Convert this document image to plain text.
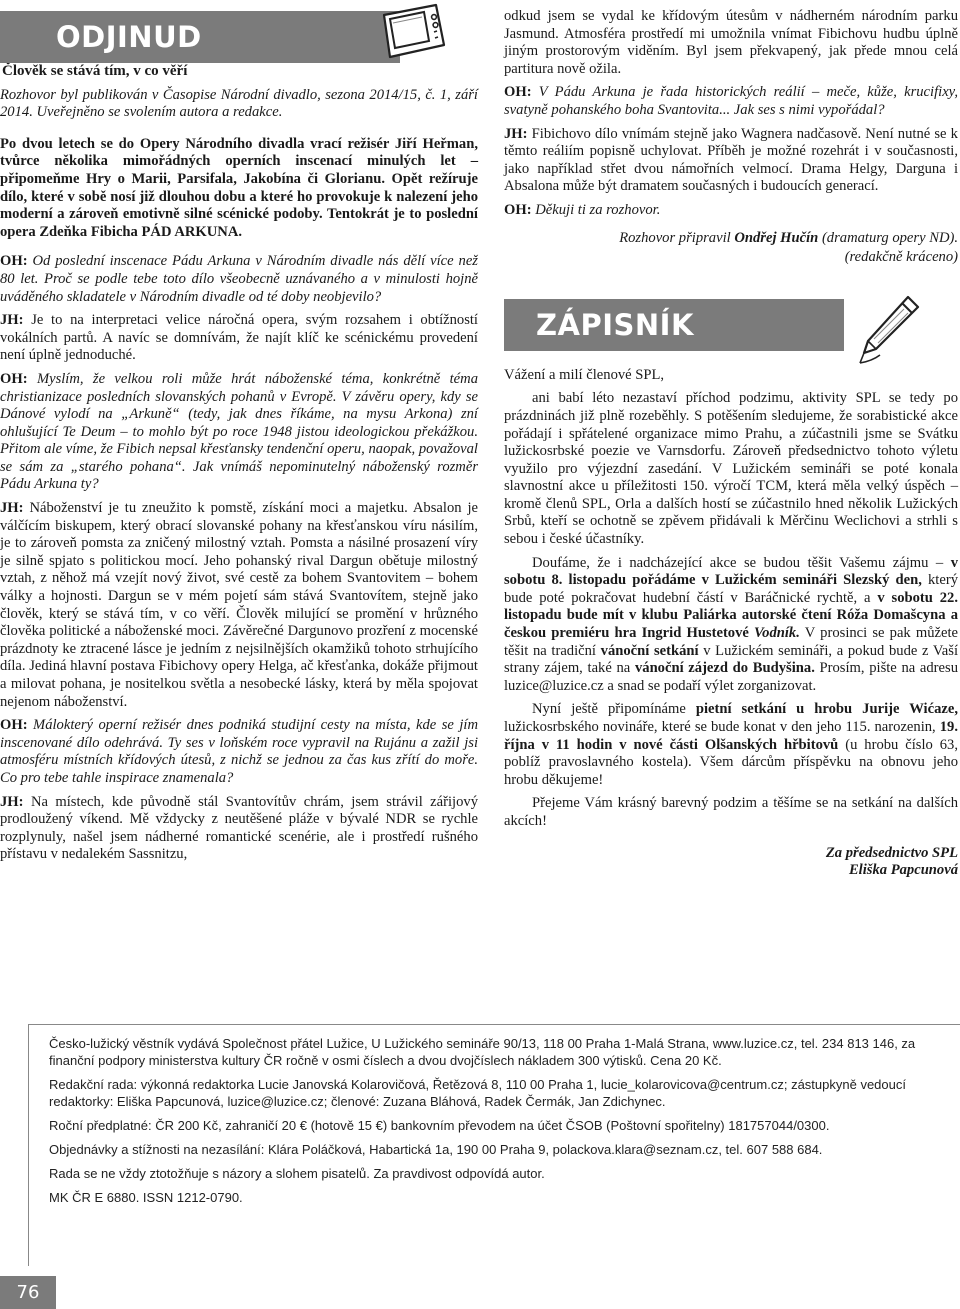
ODJINUD

Člověk se stává tím, v co věří

Rozhovor byl publikován v Časopise Národní divadlo, sezona 2014/15, č. 1, září 2014. Uveřejněno se svolením autora a redakce.

Po dvou letech se do Opery Národního divadla vrací režisér Jiří Heřman, tvůrce několika mimořádných operních inscenací minulých let – připomeňme Hry o Marii, Parsifala, Jakobína či Glorianu. Opět režíruje dílo, které v sobě nosí již dlouhou dobu a které ho provokuje k nalezení jeho moderní a zároveň emotivně silné scénické podoby. Tentokrát je to poslední opera Zdeňka Fibicha PÁD ARKUNA.

OH: Od poslední inscenace Pádu Arkuna v Národním divadle nás dělí více než 80 let. Proč se podle tebe toto dílo všeobecně uznávaného a v minulosti hojně uváděného skladatele v Národním divadle od té doby neobjevilo?

JH: Je to na interpretaci velice náročná opera, svým rozsahem i obtížností vokálních partů. A navíc se domnívám, že najít klíč ke scénickému provedení není úplně jednoduché.

OH: Myslím, že velkou roli může hrát náboženské téma, konkrétně téma christianizace posledních slovanských pohanů v Evropě. V závěru opery, kdy se Dánové vylodí na „Arkuně“ (tedy, jak dnes říkáme, na mysu Arkona) zní ohlušující Te Deum – to mohlo být po roce 1948 jistou ideologickou překážkou. Přitom ale víme, že Fibich nepsal křesťansky tendenční operu, naopak, považoval se sám za „starého pohana“. Jak vnímáš nepominutelný náboženský rozměr Pádu Arkuna ty?

JH: Náboženství je tu zneužito k pomstě, získání moci a majetku. Absalon je válčícím biskupem, který obrací slovanské pohany na křesťanskou víru násilím, je to zároveň pomsta za zničený milostný vztah. Pomsta a násilné prosazení víry je silně spjato s politickou mocí. Jeho pohanský rival Dargun obětuje milostný vztah, z něhož má vzejít nový život, své cestě za bohem Svantovitem – bohem války a hojnosti. Dargun se v mém pojetí sám stává Svantovítem, stejně jako člověk, který se stává tím, v co věří. Člověk milující se promění v hrůzného člověka politické a náboženské moci. Závěrečné Dargunovo prozření z mocenské prázdnoty ke ztracené lásce je jedním z nejsilnějších okamžiků tohoto strhujícího díla. Jediná hlavní postava Fibichovy opery Helga, ač křesťanka, dokáže přijmout a milovat pohana, je nositelkou světla a nesobecké lásky, která by měla spojovat nejenom náboženství.

OH: Málokterý operní režisér dnes podniká studijní cesty na místa, kde se jím inscenované dílo odehrává. Ty ses v loňském roce vypravil na Rujánu a zažil jsi atmosféru místních křídových útesů, z nichž se jednou za čas kus zřítí do moře. Co pro tebe tahle inspirace znamenala?

JH: Na místech, kde původně stál Svantovítův chrám, jsem strávil zářijový prodloužený víkend. Mě vždycky z neutěšené pláže v bývalé NDR se rychle rozplynuly, našel jsem nádherné romantické scenérie, ale i prostředí rušného přístavu v nedalekém Sassnitzu,

odkud jsem se vydal ke křídovým útesům v nádherném národním parku Jasmund. Atmosféra prostředí mi umožnila vnímat Fibichovu hudbu úplně jiným prostorovým viděním. Byl jsem překvapený, jak přede mnou celá partitura nově ožila.

OH: V Pádu Arkuna je řada historických reálií – meče, kůže, krucifixy, svatyně pohanského boha Svantovita... Jak ses s nimi vypořádal?

JH: Fibichovo dílo vnímám stejně jako Wagnera nadčasově. Není nutné se k těmto reáliím popisně uchylovat. Příběh je možné rozehrát i v současnosti, jako například střet dvou námořních velmocí. Drama Helgy, Darguna i Absalona může být dramatem současných i budoucích generací.

OH: Děkuji ti za rozhovor.

Rozhovor připravil Ondřej Hučín (dramaturg opery ND).

(redakčně kráceno)

ZÁPISNÍK

Vážení a milí členové SPL,

ani babí léto nezastaví příchod podzimu, aktivity SPL se tedy po prázdninách již plně rozeběhly. S potěšením sledujeme, že sorabistické akce pořádají i spřátelené organizace mimo Prahu, a zúčastnili jsme se Svátku lužickosrbské poezie ve Varnsdorfu. Zároveň předsednictvo tohoto výletu využilo pro výjezdní zasedání. V Lužickém semináři se poté konala slavnostní akce u příležitosti 150. výročí TCM, která měla velký úspěch – kromě členů SPL, Orla a dalších hostí se zúčastnilo hned několik Lužických Srbů, kteří se ochotně se zpěvem přidávali k Měrčinu Weclichovi a strhli s sebou i české účastníky.

Doufáme, že i nadcházející akce se budou těšit Vašemu zájmu – v sobotu 8. listopadu pořádáme v Lužickém semináři Slezský den, který bude poté pokračovat hudební částí v Baráčnické rychtě, a v sobotu 22. listopadu bude mít v klubu Paliárka autorské čtení Róža Domašcyna a českou premiéru hra Ingrid Hustetové Vodník. V prosinci se pak můžete těšit na tradiční vánoční setkání v Lužickém semináři, a pokud bude z Vaší strany zájem, také na vánoční zájezd do Budyšina. Prosím, pište na adresu luzice@luzice.cz a snad se podaří výlet zorganizovat.

Nyní ještě připomínáme pietní setkání u hrobu Jurije Wićaze, lužickosrbského novináře, které se bude konat v den jeho 115. narozenin, 19. října v 11 hodin v nové části Olšanských hřbitovů (u hrobu číslo 63, poblíž pravoslavného kostela). Všem dárcům příspěvku na obnovu jeho hrobu děkujeme!

Přejeme Vám krásný barevný podzim a těšíme se na setkání na dalších akcích!

Za předsednictvo SPL

Eliška Papcunová

Česko-lužický věstník vydává Společnost přátel Lužice, U Lužického semináře 90/13, 118 00 Praha 1-Malá Strana, www.luzice.cz, tel. 234 813 146, za finanční podpory ministerstva kultury ČR ročně v osmi číslech a dvou dvojčíslech nákladem 300 výtisků. Cena 20 Kč.

Redakční rada: výkonná redaktorka Lucie Janovská Kolarovičová, Řetězová 8, 110 00 Praha 1, lucie_kolarovicova@centrum.cz; zástupkyně vedoucí redaktorky: Eliška Papcunová, luzice@luzice.cz; členové: Zuzana Bláhová, Radek Čermák, Jan Zdichynec.

Roční předplatné: ČR 200 Kč, zahraničí 20 € (hotově 15 €) bankovním převodem na účet ČSOB (Poštovní spořitelny) 181757044/0300.

Objednávky a stížnosti na nezasílání: Klára Poláčková, Habartická 1a, 190 00 Praha 9, polackova.klara@seznam.cz, tel. 607 588 684.

Rada se ne vždy ztotožňuje s názory a slohem pisatelů. Za pravdivost odpovídá autor.

MK ČR E 6880. ISSN 1212-0790.

76
